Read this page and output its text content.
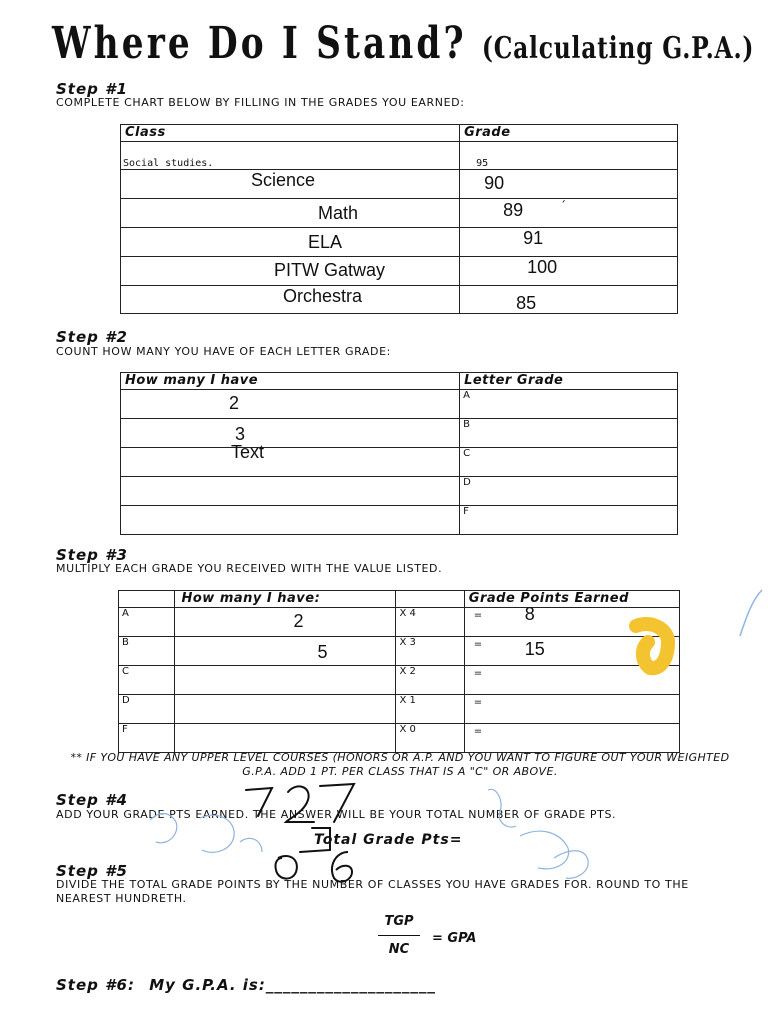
Where Do I Stand? (Calculating G.P.A.)
Step #1
COMPLETE CHART BELOW BY FILLING IN THE GRADES YOU EARNED:
Class	Grade

Social studies.	95

Science	90

Math	89 ´

ELA	91

PITW Gatway	100

Orchestra	85
Step #2
COUNT HOW MANY YOU HAVE OF EACH LETTER GRADE:
How many I have	Letter Grade

2	A

3
Text	B

	C

	D

	F
Step #3
MULTIPLY EACH GRADE YOU RECEIVED WITH THE VALUE LISTED.

	How many I have:		Grade Points Earned

A	2	X 4	= 8

B	5	X 3	= 15

C		X 2	=

D		X 1	=

F		X 0	=
** IF YOU HAVE ANY UPPER LEVEL COURSES (HONORS OR A.P. AND YOU WANT TO FIGURE OUT YOUR WEIGHTED G.P.A. ADD 1 PT. PER CLASS THAT IS A "C" OR ABOVE.
Step #4
ADD YOUR GRADE PTS EARNED. THE ANSWER WILL BE YOUR TOTAL NUMBER OF GRADE PTS.
Total Grade Pts=
Step #5
DIVIDE THE TOTAL GRADE POINTS BY THE NUMBER OF CLASSES YOU HAVE GRADES FOR. ROUND TO THE NEAREST HUNDRETH.
TGP
NC
= GPA
Step #6: My G.P.A. is:____________________
